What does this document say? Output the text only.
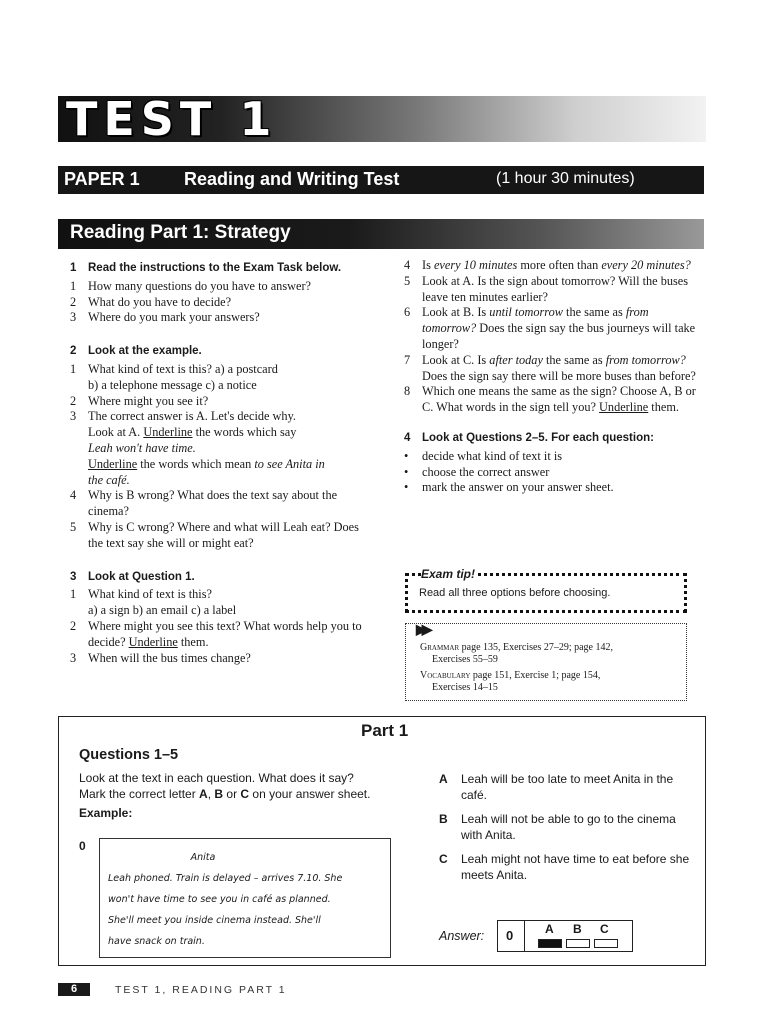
TEST 1
PAPER 1 Reading and Writing Test	(1 hour 30 minutes)
Reading Part 1: Strategy
1 Read the instructions to the Exam Task below.
1 How many questions do you have to answer?
2 What do you have to decide?
3 Where do you mark your answers?
2 Look at the example.
1 What kind of text is this? a) a postcard
b) a telephone message c) a notice
2 Where might you see it?
3 The correct answer is A. Let's decide why.
Look at A. Underline the words which say
Leah won't have time.
Underline the words which mean to see Anita in
the café.
4 Why is B wrong? What does the text say about the cinema?
5 Why is C wrong? Where and what will Leah eat? Does the text say she will or might eat?
3 Look at Question 1.
1 What kind of text is this?
a) a sign b) an email c) a label
2 Where might you see this text? What words help you to decide? Underline them.
3 When will the bus times change?
4 Is every 10 minutes more often than every 20 minutes?
5 Look at A. Is the sign about tomorrow? Will the buses leave ten minutes earlier?
6 Look at B. Is until tomorrow the same as from tomorrow? Does the sign say the bus journeys will take longer?
7 Look at C. Is after today the same as from tomorrow? Does the sign say there will be more buses than before?
8 Which one means the same as the sign? Choose A, B or C. What words in the sign tell you? Underline them.
4 Look at Questions 2–5. For each question:
• decide what kind of text it is
• choose the correct answer
• mark the answer on your answer sheet.
Exam tip!
Read all three options before choosing.
▶▶
Grammar page 135, Exercises 27–29; page 142,
Exercises 55–59
Vocabulary page 151, Exercise 1; page 154,
Exercises 14–15
Part 1
Questions 1–5
Look at the text in each question. What does it say?
Mark the correct letter A, B or C on your answer sheet.
Example:
0
Anita
Leah phoned. Train is delayed – arrives 7.10. She
won't have time to see you in café as planned.
She'll meet you inside cinema instead. She'll
have snack on train.
A Leah will be too late to meet Anita in the café.
B Leah will not be able to go to the cinema with Anita.
C Leah might not have time to eat before she meets Anita.
Answer: 0	A B C
6	TEST 1, READING PART 1
